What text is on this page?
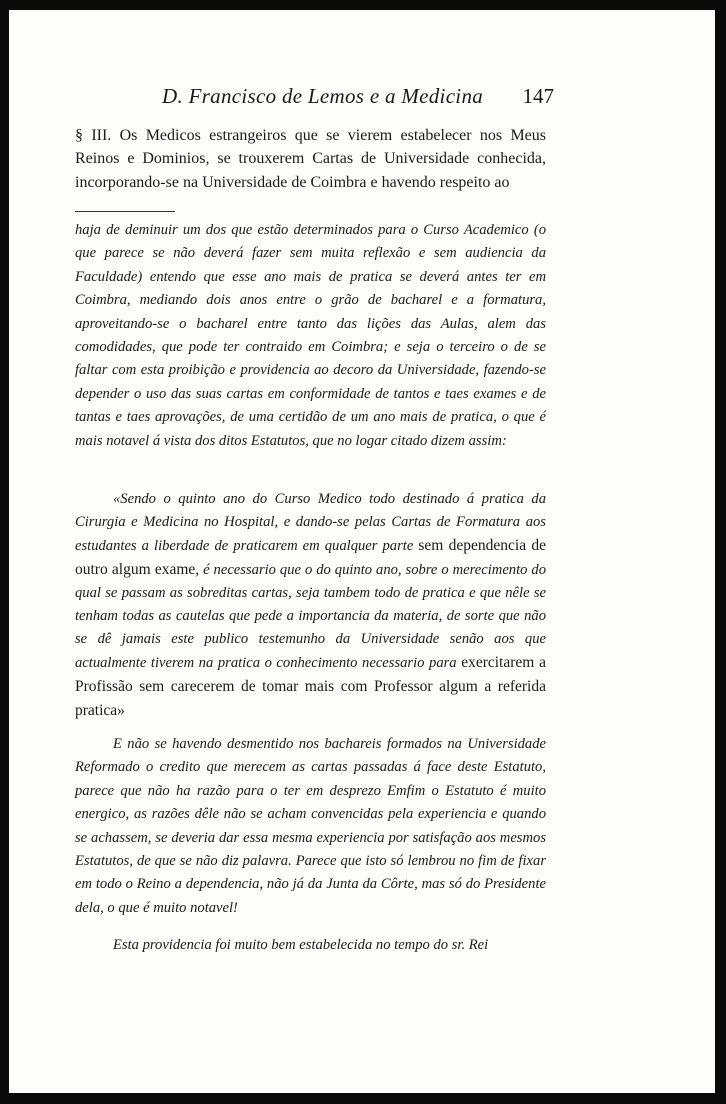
D. Francisco de Lemos e a Medicina 147

§ III. Os Medicos estrangeiros que se vierem estabelecer nos Meus Reinos e Dominios, se trouxerem Cartas de Universidade conhecida, incorporando-se na Universidade de Coimbra e havendo respeito ao

haja de deminuir um dos que estão determinados para o Curso Academico (o que parece se não deverá fazer sem muita reflexão e sem audiencia da Faculdade) entendo que esse ano mais de pratica se deverá antes ter em Coimbra, mediando dois anos entre o grão de bacharel e a formatura, aproveitando-se o bacharel entre tanto das lições das Aulas, alem das comodidades, que pode ter contraido em Coimbra; e seja o terceiro o de se faltar com esta proibição e providencia ao decoro da Universidade, fazendo-se depender o uso das suas cartas em conformidade de tantos e taes exames e de tantas e taes aprovações, de uma certidão de um ano mais de pratica, o que é mais notavel á vista dos ditos Estatutos, que no logar citado dizem assim:

«Sendo o quinto ano do Curso Medico todo destinado á pratica da Cirurgia e Medicina no Hospital, e dando-se pelas Cartas de Formatura aos estudantes a liberdade de praticarem em qualquer parte sem dependencia de outro algum exame, é necessario que o do quinto ano, sobre o merecimento do qual se passam as sobreditas cartas, seja tambem todo de pratica e que nêle se tenham todas as cautelas que pede a importancia da materia, de sorte que não se dê jamais este publico testemunho da Universidade senão aos que actualmente tiverem na pratica o conhecimento necessario para exercitarem a Profissão sem carecerem de tomar mais com Professor algum a referida pratica»

E não se havendo desmentido nos bachareis formados na Universidade Reformado o credito que merecem as cartas passadas á face deste Estatuto, parece que não ha razão para o ter em desprezo Emfim o Estatuto é muito energico, as razões dêle não se acham convencidas pela experiencia e quando se achassem, se deveria dar essa mesma experiencia por satisfação aos mesmos Estatutos, de que se não diz palavra. Parece que isto só lembrou no fim de fixar em todo o Reino a dependencia, não já da Junta da Côrte, mas só do Presidente dela, o que é muito notavel!

Esta providencia foi muito bem estabelecida no tempo do sr. Rei
